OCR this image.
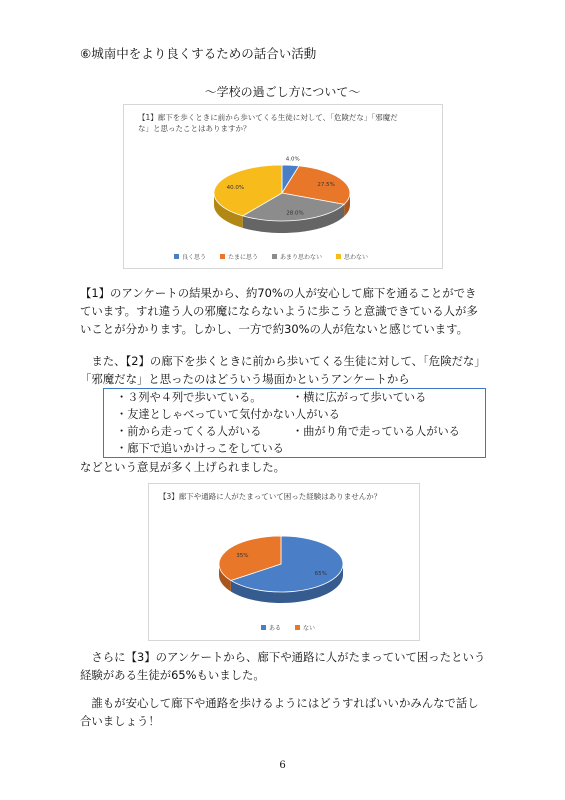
⑥城南中をより良くするための話合い活動
〜学校の過ごし方について〜
【1】廊下を歩くときに前から歩いてくる生徒に対して、「危険だな」「邪魔だ
な」と思ったことはありますか？
4.0%
27.5%
28.0%
40.0%
良く思う	たまに思う	あまり思わない	思わない
【1】のアンケートの結果から、約70%の人が安心して廊下を通ることができ
ています。すれ違う人の邪魔にならないように歩こうと意識できている人が多
いことが分かります。しかし、一方で約30%の人が危ないと感じています。
　また、【2】の廊下を歩くときに前から歩いてくる生徒に対して、「危険だな」
「邪魔だな」と思ったのはどういう場面かというアンケートから
・３列や４列で歩いている。	・横に広がって歩いている
・友達としゃべっていて気付かない人がいる
・前から走ってくる人がいる	・曲がり角で走っている人がいる
・廊下で追いかけっこをしている
などという意見が多く上げられました。
【3】廊下や通路に人がたまっていて困った経験はありませんか？
65%
35%
ある	ない
　さらに【3】のアンケートから、廊下や通路に人がたまっていて困ったという
経験がある生徒が65%もいました。
　誰もが安心して廊下や通路を歩けるようにはどうすればいいかみんなで話し
合いましょう！
6
